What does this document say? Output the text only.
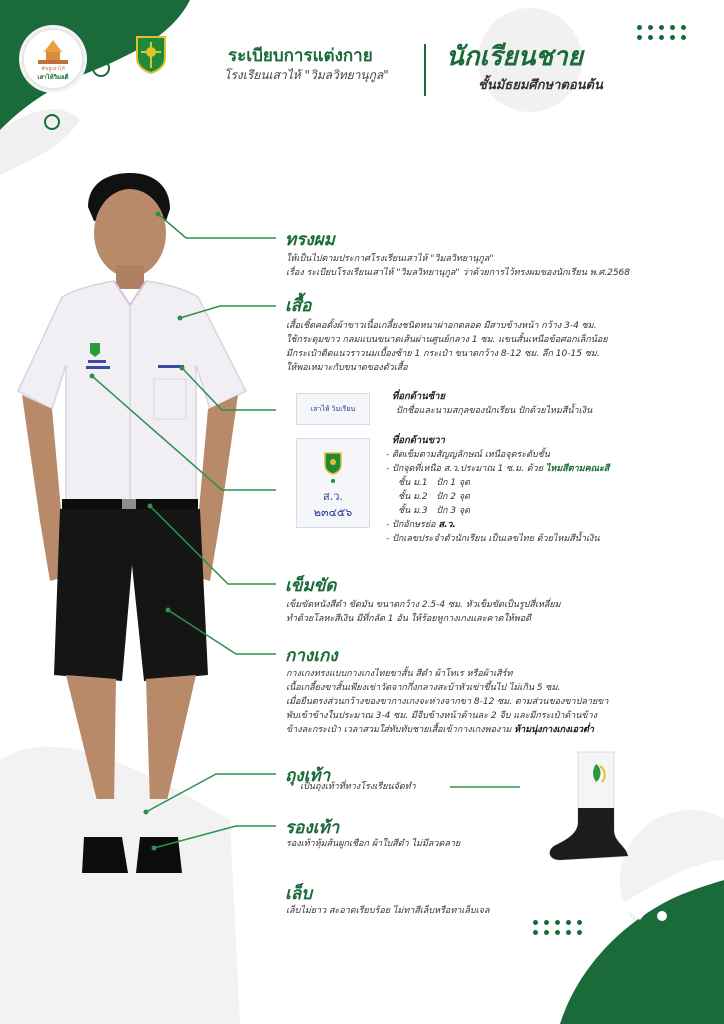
#อยู่เสาไห้
เสาไห้วิมลดี
ระเบียบการแต่งกาย
โรงเรียนเสาไห้ "วิมลวิทยานุกูล"
นักเรียนชาย
ชั้นมัธยมศึกษาตอนต้น
ทรงผม
ให้เป็นไปตามประกาศโรงเรียนเสาไห้ "วิมลวิทยานุกูล"
เรื่อง ระเบียบโรงเรียนเสาไห้ "วิมลวิทยานุกูล" ว่าด้วยการไว้ทรงผมของนักเรียน พ.ศ.2568
เสื้อ
เสื้อเชิ้ตคอตั้งผ้าขาวเนื้อเกลี้ยงชนิดหนาผ่าอกตลอด มีสาบข้างหน้า กว้าง 3-4 ซม.
ใช้กระดุมขาว กลมแบนขนาดเส้นผ่านศูนย์กลาง 1 ซม. แขนสั้นเหนือข้อศอกเล็กน้อย
มีกระเป๋าติดแนวราวนมเบื้องซ้าย 1 กระเป๋า ขนาดกว้าง 8-12 ซม. ลึก 10-15 ซม.
ให้พอเหมาะกับขนาดของตัวเสื้อ
เสาไห้ วิมเรียน
ที่อกด้านซ้าย
ปักชื่อและนามสกุลของนักเรียน ปักด้วยไหมสีน้ำเงิน
ส.ว.
๒๓๔๕๖
ที่อกด้านขวา
- ติดเข็มตามสัญญลักษณ์ เหนือจุดระดับชั้น
- ปักจุดที่เหนือ ส.ว.ประมาณ 1 ซ.ม. ด้วย ไหมสีตามคณะสี
ชั้น ม.1 ปัก 1 จุด
ชั้น ม.2 ปัก 2 จุด
ชั้น ม.3 ปัก 3 จุด
- ปักอักษรย่อ ส.ว.
- ปักเลขประจำตัวนักเรียน เป็นเลขไทย ด้วยไหมสีน้ำเงิน
เข็มขัด
เข็มขัดหนังสีดำ ขัดมัน ขนาดกว้าง 2.5-4 ซม. หัวเข็มขัดเป็นรูปสี่เหลี่ยม
ทำด้วยโลหะสีเงิน มีที่กลัด 1 อัน ให้ร้อยหูกางเกงและคาดให้พอดี
กางเกง
กางเกงทรงแบบกางเกงไทยขาสั้น สีดำ ผ้าโทเร หรือผ้าเสิร์ท
เนื้อเกลี้ยงขาสั้นเพียงเข่าวัดจากกึ่งกลางสะบ้าหัวเข่าขึ้นไป ไม่เกิน 5 ซม.
เมื่อยืนตรงส่วนกว้างของขากางเกงจะห่างจากขา 8-12 ซม. ตามส่วนของขาปลายขา
พับเข้าข้างในประมาณ 3-4 ซม. มีจีบข้างหน้าด้านละ 2 จีบ และมีกระเป๋าด้านข้าง
ข้างละกระเป๋า เวลาสวมใส่ทับทับชายเสื้อเข้ากางเกงพองาม ห้ามนุ่งกางเกงเอวต่ำ
ถุงเท้า
เป็นถุงเท้าที่ทางโรงเรียนจัดทำ
รองเท้า
รองเท้าหุ้มส้นผูกเชือก ผ้าใบสีดำ ไม่มีลวดลาย
เล็บ
เล็บไม่ยาว สะอาดเรียบร้อย ไม่ทาสีเล็บหรือทาเล็บเจล
